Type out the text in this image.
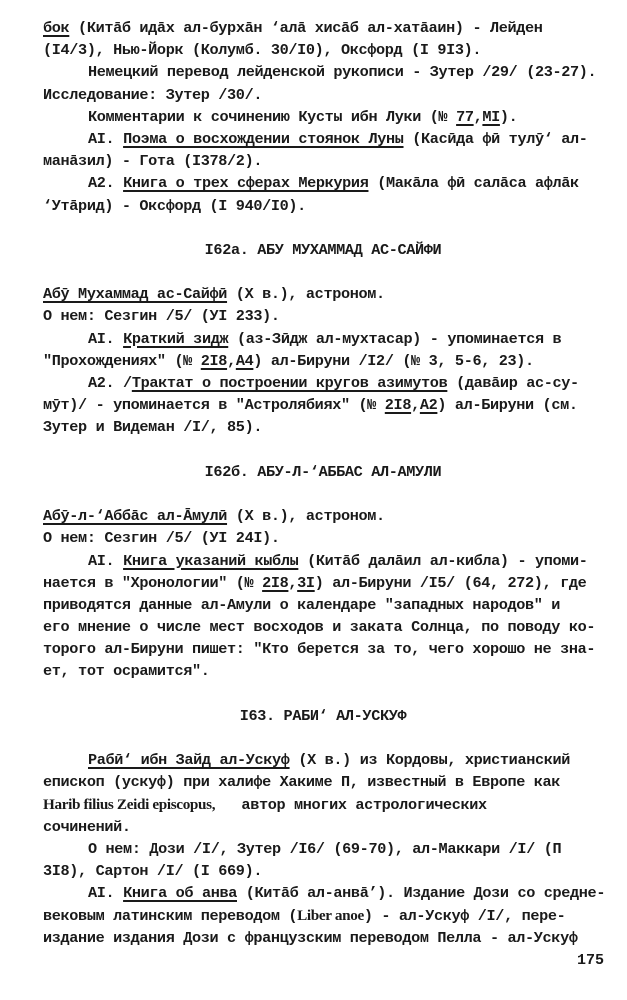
бок (Китāб идāх ал-бурхāн ‘алā хисāб ал-хатāаин) - Лейден
(I4/3), Нью-Йорк (Колумб. 30/I0), Оксфорд (I 9I3).
Немецкий перевод лейденской рукописи - Зутер /29/ (23-27).
Исследование: Зутер /30/.
Комментарии к сочинению Кусты ибн Луки (№ 77,MI).
AI. Поэма о восхождении стоянок Луны (Касӣда фӣ тулӯ‘ ал-
манāзил) - Гота (I378/2).
A2. Книга о трех сферах Меркурия (Макāла фӣ салāса афлāк
‘Утāрид) - Оксфорд (I 940/I0).
I62a. АБУ МУХАММАД АС-САЙФИ
Абӯ Мухаммад ас-Сайфӣ (X в.), астроном.
О нем: Сезгин /5/ (УI 233).
AI. Краткий зидж (аз-Зӣдж ал-мухтасар) - упоминается в
"Прохождениях" (№ 2I8,A4) ал-Бируни /I2/ (№ 3, 5-6, 23).
A2. /Трактат о построении кругов азимутов (давāир ас-су-
мӯт)/ - упоминается в "Астролябиях" (№ 2I8,A2) ал-Бируни (см.
Зутер и Видеман /I/, 85).
I62б. АБУ-Л-‘АББАС АЛ-АМУЛИ
Абӯ-л-‘Аббāс ал-Āмулӣ (X в.), астроном.
О нем: Сезгин /5/ (УI 24I).
AI. Книга указаний кыблы (Китāб далāил ал-кибла) - упоми-
нается в "Хронологии" (№ 2I8,3I) ал-Бируни /I5/ (64, 272), где
приводятся данные ал-Амули о календаре "западных народов" и
его мнение о числе мест восходов и заката Солнца, по поводу ко-
торого ал-Бируни пишет: "Кто берется за то, чего хорошо не зна-
ет, тот осрамится".
I63. РАБИ‘ АЛ-УСКУФ
Рабӣ‘ ибн Зайд ал-Ускуф (X в.) из Кордовы, христианский
епископ (ускуф) при халифе Хакиме П, известный в Европе как
Harib filius Zeidi episcopus,   автор многих астрологических
сочинений.
О нем: Дози /I/, Зутер /I6/ (69-70), ал-Маккари /I/ (П
3I8), Сартон /I/ (I 669).
AI. Книга об анва (Китāб ал-анвā’). Издание Дози со средне-
вековым латинским переводом (Liber anoe) - ал-Ускуф /I/, пере-
издание издания Дози с французским переводом Пелла - ал-Ускуф
175
